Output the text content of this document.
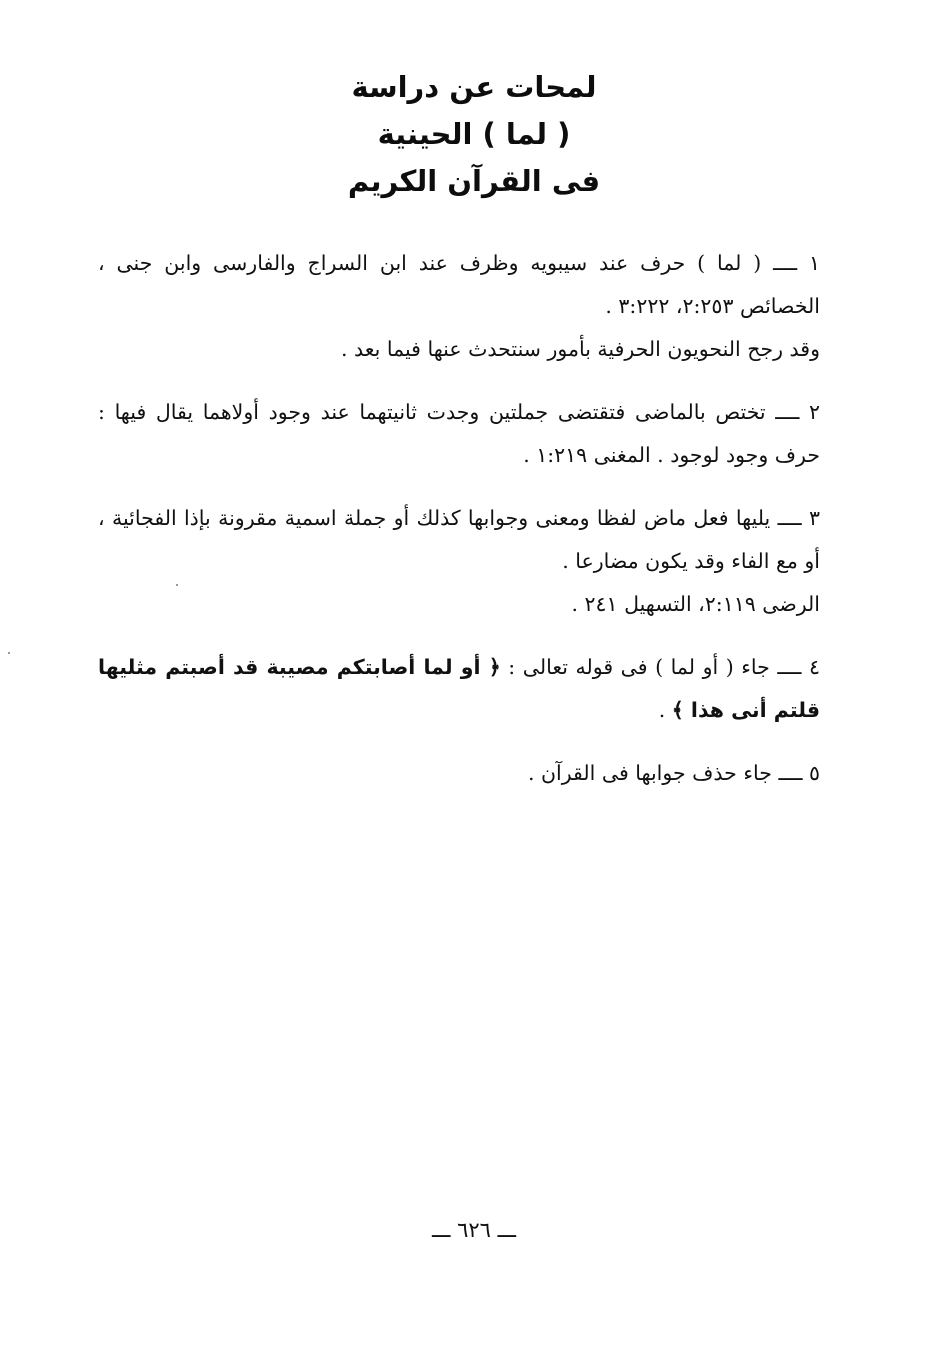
لمحات عن دراسة
( لما ) الحينية
فى القرآن الكريم

١ ــــ ( لما ) حرف عند سيبويه وظرف عند ابن السراج والفارسى وابن جنى ، الخصائص ٢:٢٥٣، ٣:٢٢٢ .

وقد رجح النحويون الحرفية بأمور سنتحدث عنها فيما بعد .

٢ ــــ تختص بالماضى فتقتضى جملتين وجدت ثانيتهما عند وجود أولاهما يقال فيها : حرف وجود لوجود . المغنى ١:٢١٩ .

٣ ــــ يليها فعل ماض لفظا ومعنى وجوابها كذلك أو جملة اسمية مقرونة بإذا الفجائية ، أو مع الفاء وقد يكون مضارعا .

الرضى ٢:١١٩، التسهيل ٢٤١ .

٤ ــــ جاء ( أو لما ) فى قوله تعالى : ﴿ أو لما أصابتكم مصيبة قد أصبتم مثليها قلتم أنى هذا ﴾ .

٥ ــــ جاء حذف جوابها فى القرآن .

ـــ ٦٢٦ ـــ
